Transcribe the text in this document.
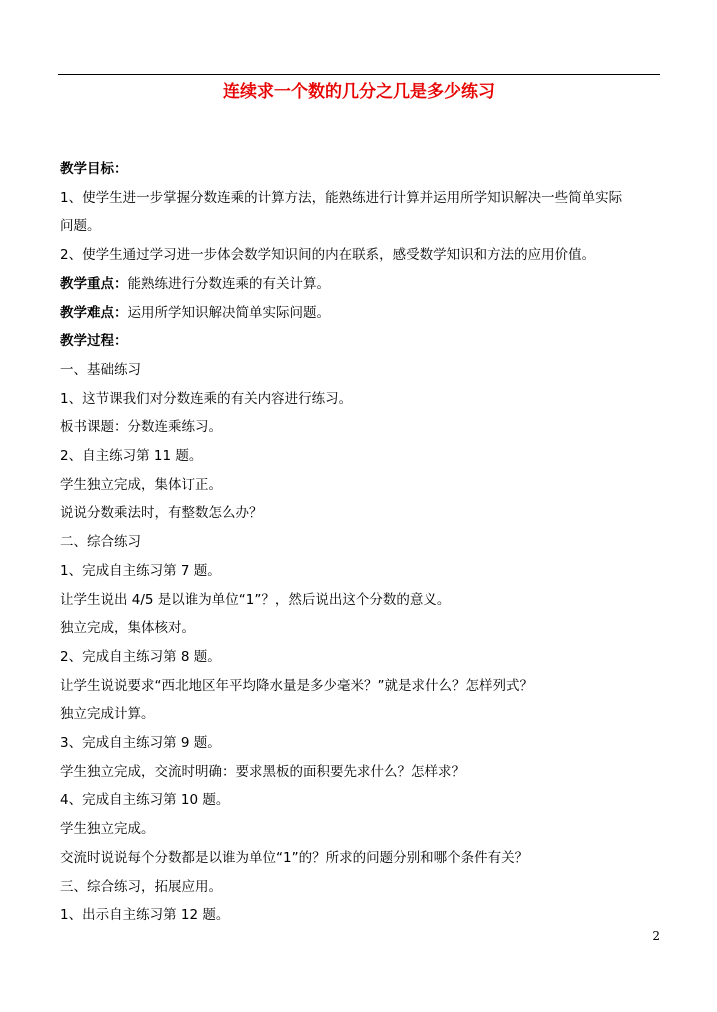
连续求一个数的几分之几是多少练习
教学目标：
1、使学生进一步掌握分数连乘的计算方法，能熟练进行计算并运用所学知识解决一些简单实际
问题。
2、使学生通过学习进一步体会数学知识间的内在联系，感受数学知识和方法的应用价值。
教学重点：能熟练进行分数连乘的有关计算。
教学难点：运用所学知识解决简单实际问题。
教学过程：
一、基础练习
1、这节课我们对分数连乘的有关内容进行练习。
板书课题：分数连乘练习。
2、自主练习第 11 题。
学生独立完成，集体订正。
说说分数乘法时，有整数怎么办？
二、综合练习
1、完成自主练习第 7 题。
让学生说出 4/5 是以谁为单位“1”？，然后说出这个分数的意义。
独立完成，集体核对。
2、完成自主练习第 8 题。
让学生说说要求“西北地区年平均降水量是多少毫米？”就是求什么？怎样列式？
独立完成计算。
3、完成自主练习第 9 题。
学生独立完成，交流时明确：要求黑板的面积要先求什么？怎样求？
4、完成自主练习第 10 题。
学生独立完成。
交流时说说每个分数都是以谁为单位“1”的？所求的问题分别和哪个条件有关？
三、综合练习，拓展应用。
1、出示自主练习第 12 题。
2
